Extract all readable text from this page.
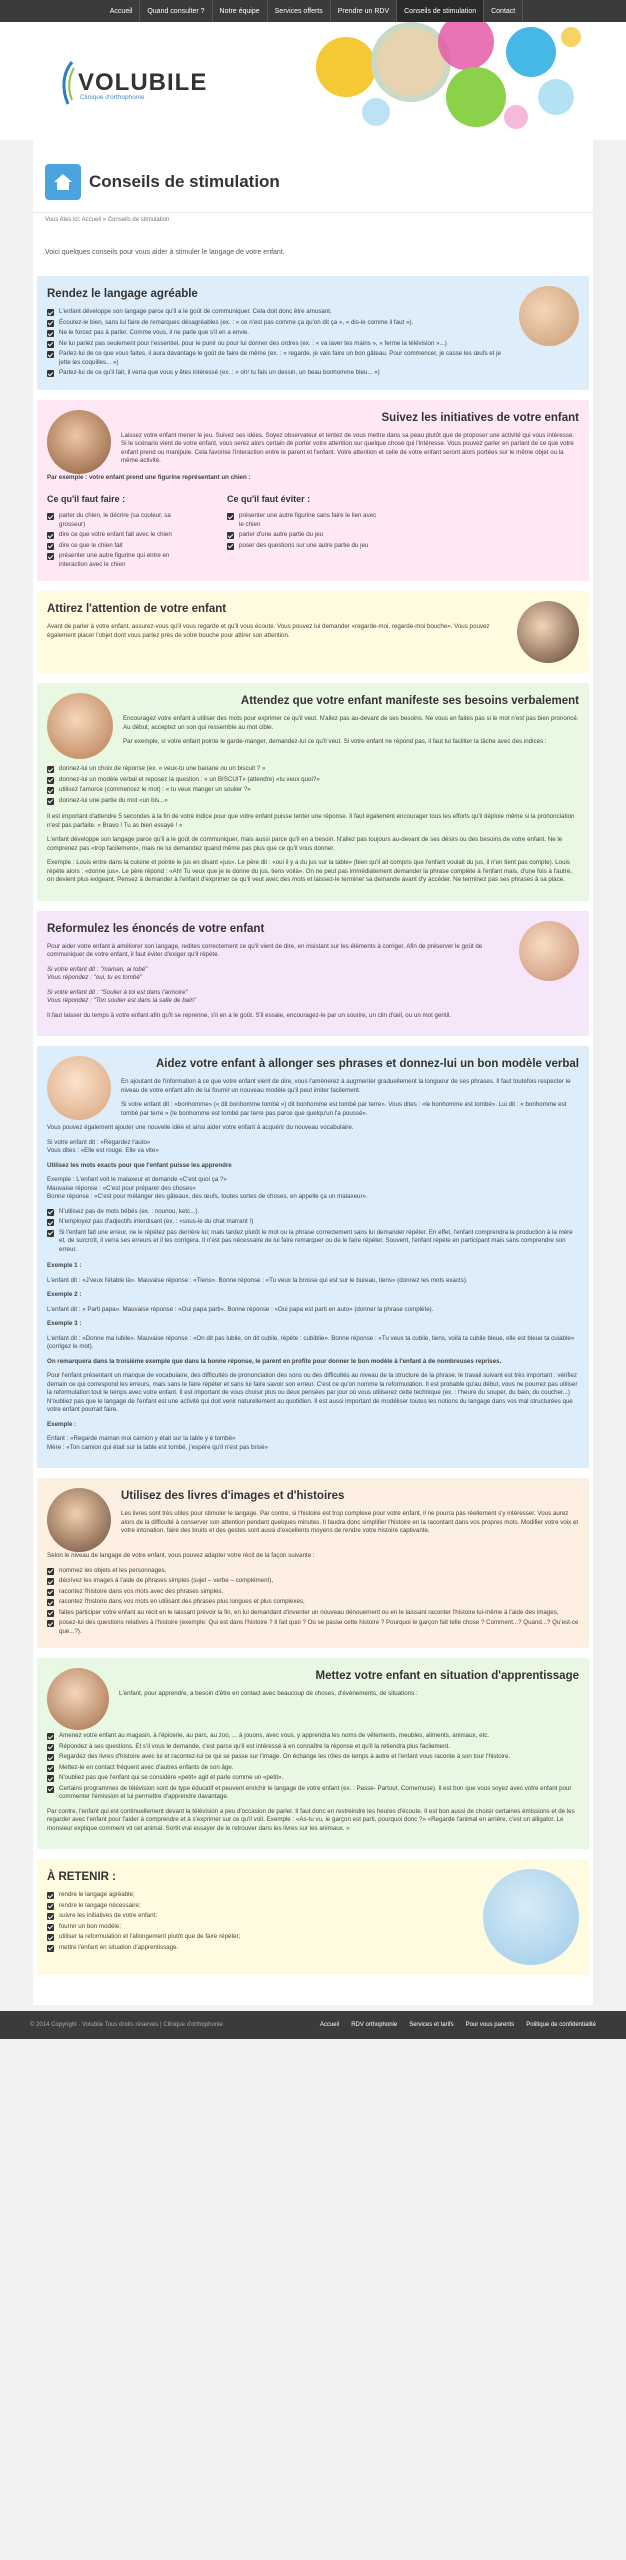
Accueil	Quand consulter ?	Notre équipe	Services offerts	Prendre un RDV	Conseils de stimulation	Contact
VOLUBILE
Clinique d'orthophonie
Conseils de stimulation
Vous êtes ici: Accueil » Conseils de stimulation
Voici quelques conseils pour vous aider à stimuler le langage de votre enfant.
Rendez le langage agréable
L'enfant développe son langage parce qu'il a le goût de communiquer. Cela doit donc être amusant.
Écoutez-le bien, sans lui faire de remarques désagréables (ex. : « ce n'est pas comme ça qu'on dit ça », « dis-le comme il faut »).
Ne le forcez pas à parler. Comme vous, il ne parle que s'il en a envie.
Ne lui parlez pas seulement pour l'essentiel, pour le punir ou pour lui donner des ordres (ex. : « va laver tes mains », « ferme la télévision »...)
Parlez-lui de ce que vous faites, il aura davantage le goût de faire de même (ex. : « regarde, je vais faire un bon gâteau. Pour commencer, je casse les œufs et je jette les coquilles... »)
Parlez-lui de ce qu'il fait, il verra que vous y êtes intéressé (ex. : « oh! tu fais un dessin, un beau bonhomme bleu... »)
Suivez les initiatives de votre enfant
Laissez votre enfant mener le jeu. Suivez ses idées. Soyez observateur et tentez de vous mettre dans sa peau plutôt que de proposer une activité qui vous intéresse. Si le scénario vient de votre enfant, vous serez alors certain de porter votre attention sur quelque chose qui l'intéresse. Vous pouvez parler en parlant de ce que votre enfant prend ou manipule. Cela favorise l'interaction entre le parent et l'enfant. Votre attention et celle de votre enfant seront alors portées sur le même objet ou la même activité.
Par exemple : votre enfant prend une figurine représentant un chien :
Ce qu'il faut faire :
parler du chien, le décrire (sa couleur, sa grosseur)
dire ce que votre enfant fait avec le chien
dire ce que le chien fait
présenter une autre figurine qui entre en interaction avec le chien
Ce qu'il faut éviter :
présenter une autre figurine sans faire le lien avec le chien
parler d'une autre partie du jeu
poser des questions sur une autre partie du jeu
Attirez l'attention de votre enfant
Avant de parler à votre enfant, assurez-vous qu'il vous regarde et qu'il vous écoute. Vous pouvez lui demander «regarde-moi, regarde-moi bouche». Vous pouvez également placer l'objet dont vous parlez près de votre bouche pour attirer son attention.
Attendez que votre enfant manifeste ses besoins verbalement
Encouragez votre enfant à utiliser des mots pour exprimer ce qu'il veut. N'allez pas au-devant de ses besoins. Ne vous en faites pas si le mot n'est pas bien prononcé. Au début, acceptez un son qui ressemble au mot cible.
Par exemple, si votre enfant pointe le garde-manger, demandez-lui ce qu'il veut. Si votre enfant ne répond pas, il faut lui faciliter la tâche avec des indices :
donnez-lui un choix de réponse (ex. « veux-tu une banane ou un biscuit ? »
donnez-lui un modèle verbal et reposez la question : « un BISCUIT» (attendre) «tu veux quoi?»
utilisez l'amorce (commencez le mot) : « tu veux manger un soulier ?»
donnez-lui une partie du mot «un bis...»
Il est important d'attendre 5 secondes à la fin de votre indice pour que votre enfant puisse tenter une réponse. Il faut également encourager tous les efforts qu'il déploie même si la prononciation n'est pas parfaite. « Bravo ! Tu as bien essayé ! »
L'enfant développe son langage parce qu'il a le goût de communiquer, mais aussi parce qu'il en a besoin. N'allez pas toujours au-devant de ses désirs ou des besoins de votre enfant. Ne le comprenez pas «trop facilement», mais ne lui demandez quand même pas plus que ce qu'il vous donner.
Exemple : Louis entre dans la cuisine et pointe le jus en disant «jus». Le père dit : «oui il y a du jus sur la table» (bien qu'il ait compris que l'enfant voulait du jus, il n'en tient pas compte). Louis répète alors : «donne jus». Le père répond : «Ah! Tu veux que je te donne du jus, tiens voilà». On ne peut pas immédiatement demander la phrase complète à l'enfant mais, d'une fois à l'autre, on devient plus exigeant. Pensez à demander à l'enfant d'exprimer ce qu'il veut avec des mots et laissez-le terminer sa demande avant d'y accéder. Ne terminez pas ses phrases à sa place.
Reformulez les énoncés de votre enfant
Pour aider votre enfant à améliorer son langage, redites correctement ce qu'il vient de dire, en insistant sur les éléments à corriger. Afin de préserver le goût de communiquer de votre enfant, il faut éviter d'exiger qu'il répète.
Si votre enfant dit : "maman, ai tobé"
Vous répondez : "oui, tu es tombé"
Si votre enfant dit : "Soulier à toi est dans l'armoire"
Vous répondez : "Ton soulier est dans la salle de bain"
Il faut laisser du temps à votre enfant afin qu'il se reprenne, s'il en a le goût. S'il essaie, encouragez-le par un sourire, un clin d'œil, ou un mot gentil.
Aidez votre enfant à allonger ses phrases et donnez-lui un bon modèle verbal
En ajoutant de l'information à ce que votre enfant vient de dire, vous l'amènerez à augmenter graduellement la longueur de ses phrases. Il faut toutefois respecter le niveau de votre enfant afin de lui fournir un nouveau modèle qu'il peut imiter facilement.
Si votre enfant dit : «bonhomme» (« dit bonhomme tombé ») dit bonhomme est tombé par terre». Vous dites : «le bonhomme est tombé». Lui dit : « bonhomme est tombé par terre » (le bonhomme est tombé par terre pas parce que quelqu'un l'a poussé».
Vous pouvez également ajouter une nouvelle idée et ainsi aider votre enfant à acquérir du nouveau vocabulaire.
Si votre enfant dit : «Regardez l'auto»
Vous dites : «Elle est rouge. Elle va vite»
Utilisez les mots exacts pour que l'enfant puisse les apprendre
Exemple : L'enfant voit le malaxeur et demande «C'est quoi ça ?»
Mauvaise réponse : «C'est pour préparer des choses»
Bonne réponse : «C'est pour mélanger des gâteaux, des œufs, toutes sortes de choses, en appelle ça un malaxeur».
N'utilisez pas de mots bébés (ex. : nounou, ketc...).
N'employez pas d'adjectifs interdisant (ex. : «sous-le du chat marrant !)
Si l'enfant fait une erreur, ne le répétez pas derrière lui; mais tardez plutôt le mot ou la phrase correctement sans lui demander répéter. En effet, l'enfant comprendra la production à la mère et, de surcroît, il verra ses erreurs et il les corrigera. Il n'est pas nécessaire de lui faire remarquer ou de le faire répéter. Souvent, l'enfant répète en participant mais sans comprendre son erreur.
Exemple 1 :
L'enfant dit : «J'veux l'étable là». Mauvaise réponse : «Tiens». Bonne réponse : «Tu veux la brosse qui est sur le bureau, tiens» (donnez les mots exacts).
Exemple 2 :
L'enfant dit : « Parti papa». Mauvaise réponse : «Oui papa parti». Bonne réponse : «Oui papa est parti en auto» (donner la phrase complète).
Exemple 3 :
L'enfant dit : «Donne ma lubile». Mauvaise réponse : «On dit pas lubile, on dit cubile, répète : cubiblie». Bonne réponse : «Tu veux ta cubile, tiens, voilà ta cubile bleue, elle est bleue ta cuiable» (corrigez le mot).
On remarquera dans la troisième exemple que dans la bonne réponse, le parent en profite pour donner le bon modèle à l'enfant à de nombreuses reprises.
Pour l'enfant présentant un manque de vocabulaire, des difficultés de prononciation des sons ou des difficultés au niveau de la structure de la phrase, le travail suivant est très important : vérifiez demain ce qui correspond les erreurs, mais sans le faire répéter et sans lui faire savoir son erreur. C'est ce qu'on nomme la reformulation. Il est probable qu'au début, vous ne pourrez pas utiliser la reformulation tout le temps avec votre enfant. Il est important de vous choisir plus ou deux pensées par jour où vous utiliserez cette technique (ex. : l'heure du souper, du bain, du coucher...) N'oubliez pas que le langage de l'enfant est une activité qui doit venir naturellement au quotidien. Il est aussi important de modéliser toutes les notions du langage dans vos mal structurées que votre enfant pourrait faire.
Exemple :
Enfant : «Regarde maman moi camion y était sur la table y é tombé»
Mère : «Ton camion qui était sur la table est tombé, j'espère qu'il n'est pas brisé»
Utilisez des livres d'images et d'histoires
Les livres sont très utiles pour stimuler le langage. Par contre, si l'histoire est trop complexe pour votre enfant, il ne pourra pas réellement s'y intéresser. Vous aurez alors de la difficulté à conserver son attention pendant quelques minutes. Il faudra donc simplifier l'histoire en la racontant dans vos propres mots. Modifier votre voix et votre intonation, faire des bruits et des gestes sont aussi d'excellents moyens de rendre votre histoire captivante.
Selon le niveau de langage de votre enfant, vous pouvez adapter votre récit de la façon suivante :
nommez les objets et les personnages,
décrivez les images à l'aide de phrases simples (sujet – verbe – complément),
racontez l'histoire dans vos mots avec des phrases simples,
racontez l'histoire dans vos mots en utilisant des phrases plus longues et plus complexes,
faites participer votre enfant au récit en le laissant prévoir la fin, en lui demandant d'inventer un nouveau dénouement ou en le laissant raconter l'histoire lui-même à l'aide des images,
posez-lui des questions relatives à l'histoire (exemple: Qui est dans l'histoire ? Il fait quoi ? Où se passe cette histoire ? Pourquoi le garçon fait telle chose ? Comment...? Quand...? Qu'est-ce que...?).
Mettez votre enfant en situation d'apprentissage
L'enfant, pour apprendre, a besoin d'être en contact avec beaucoup de choses, d'événements, de situations :
Amenez votre enfant au magasin, à l'épicerie, au parc, au zoo, ... à jouons, avec vous, y apprendra les noms de vêtements, meubles, aliments, animaux, etc.
Répondez à ses questions. Et s'il vous le demande, c'est parce qu'il est intéressé à en connaître la réponse et qu'il la retiendra plus facilement.
Regardez des livres d'histoire avec lui et racontez-lui ce qui se passe sur l'image. On échange les rôles de temps à autre et l'enfant vous raconte à son tour l'histoire.
Mettez-le en contact fréquent avec d'autres enfants de son âge.
N'oubliez pas que l'enfant qui se considère «petit» agit et parle comme un «petit».
Certains programmes de télévision sont de type éducatif et peuvent enrichir le langage de votre enfant (ex. : Passe- Partout, Cornemuse). Il est bon que vous soyez avec votre enfant pour commenter l'émission et lui permettre d'apprendre davantage.
Par contre, l'enfant qui est continuellement devant la télévision a peu d'occasion de parler. Il faut donc en restreindre les heures d'écoute. Il est bon aussi de choisir certaines émissions et de les regarder avec l'enfant pour l'aider à comprendre et à s'exprimer sur ce qu'il voit. Exemple : «As-tu vu, le garçon est parti, pourquoi donc ?» «Regarde l'animal en arrière, c'est un alligator. Le monsieur explique comment vit cet animal. Sortit vrai essayer de le retrouver dans les livres sur les animaux. »
À RETENIR :
rendre le langage agréable;
rendre le langage nécessaire;
suivre les initiatives de votre enfant;
fournir un bon modèle;
utiliser la reformulation et l'allongement plutôt que de faire répéter;
mettre l'enfant en situation d'apprentissage.
© 2014 Copyright · Volubile Tous droits réservés | Clinique d'orthophonie	Accueil RDV orthophonie Services et tarifs Pour vous parents Politique de confidentialité
